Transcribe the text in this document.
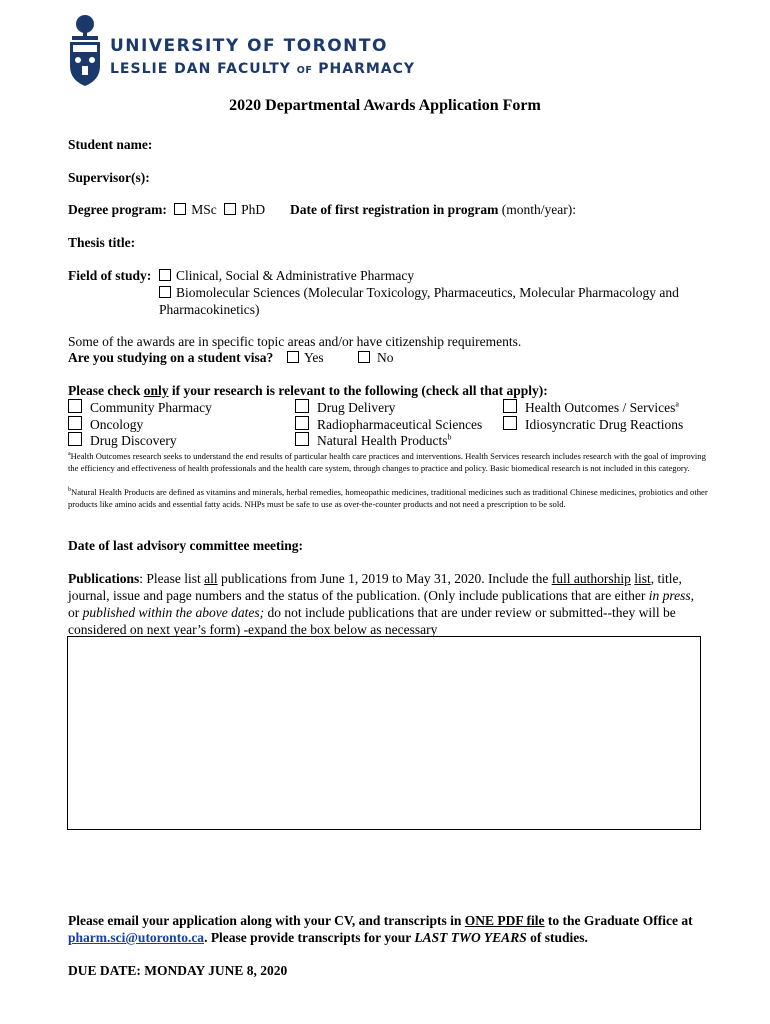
UNIVERSITY OF TORONTO
LESLIE DAN FACULTY OF PHARMACY
2020 Departmental Awards Application Form
Student name:
Supervisor(s):
Degree program: MSc PhD Date of first registration in program (month/year):
Thesis title:
Field of study:	Clinical, Social & Administrative Pharmacy
Biomolecular Sciences (Molecular Toxicology, Pharmaceutics, Molecular Pharmacology and
Pharmacokinetics)
Some of the awards are in specific topic areas and/or have citizenship requirements.
Are you studying on a student visa?	Yes	No
Please check only if your research is relevant to the following (check all that apply):
Community Pharmacy
Oncology
Drug Discovery
Drug Delivery
Radiopharmaceutical Sciences
Natural Health Products$^b$
Health Outcomes / Services$^a$
Idiosyncratic Drug Reactions
$^a$Health Outcomes research seeks to understand the end results of particular health care practices and interventions. Health Services research includes research with the goal of improving the efficiency and effectiveness of health professionals and the health care system, through changes to practice and policy. Basic biomedical research is not included in this category.
$^b$Natural Health Products are defined as vitamins and minerals, herbal remedies, homeopathic medicines, traditional medicines such as traditional Chinese medicines, probiotics and other products like amino acids and essential fatty acids. NHPs must be safe to use as over-the-counter products and not need a prescription to be sold.
Date of last advisory committee meeting:
Publications: Please list all publications from June 1, 2019 to May 31, 2020. Include the full authorship list, title, journal, issue and page numbers and the status of the publication. (Only include publications that are either in press, or published within the above dates; do not include publications that are under review or submitted--they will be considered on next year’s form) -expand the box below as necessary
Please email your application along with your CV, and transcripts in ONE PDF file to the Graduate Office at pharm.sci@utoronto.ca. Please provide transcripts for your LAST TWO YEARS of studies.
DUE DATE: MONDAY JUNE 8, 2020
